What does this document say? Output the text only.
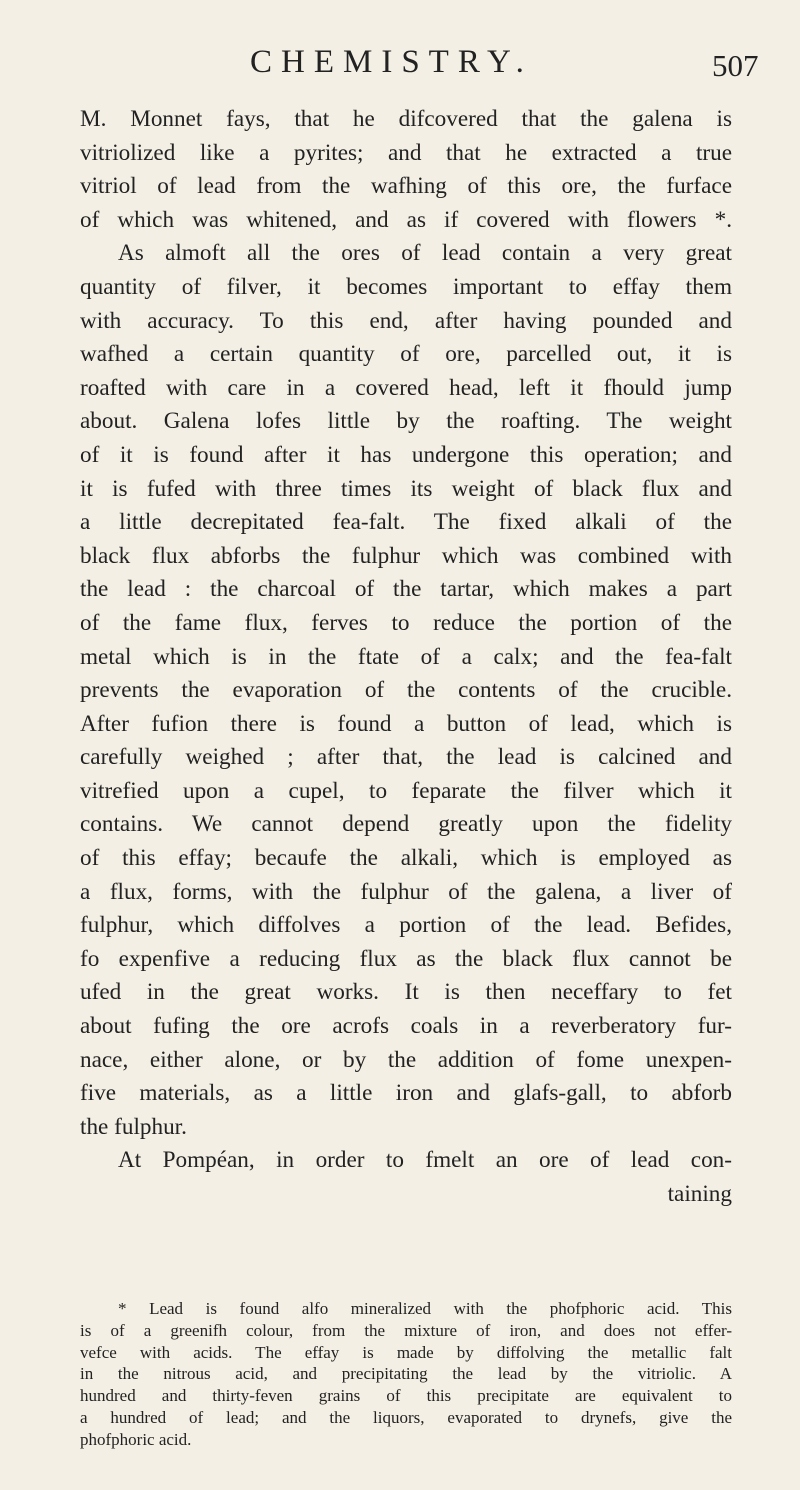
CHEMISTRY.	507
M. Monnet fays, that he difcovered that the galena is
vitriolized like a pyrites; and that he extracted a true
vitriol of lead from the wafhing of this ore, the furface
of which was whitened, and as if covered with flowers *.
As almoft all the ores of lead contain a very great
quantity of filver, it becomes important to effay them
with accuracy. To this end, after having pounded and
wafhed a certain quantity of ore, parcelled out, it is
roafted with care in a covered head, left it fhould jump
about. Galena lofes little by the roafting. The weight
of it is found after it has undergone this operation; and
it is fufed with three times its weight of black flux and
a little decrepitated fea-falt. The fixed alkali of the
black flux abforbs the fulphur which was combined with
the lead : the charcoal of the tartar, which makes a part
of the fame flux, ferves to reduce the portion of the
metal which is in the ftate of a calx; and the fea-falt
prevents the evaporation of the contents of the crucible.
After fufion there is found a button of lead, which is
carefully weighed ; after that, the lead is calcined and
vitrefied upon a cupel, to feparate the filver which it
contains. We cannot depend greatly upon the fidelity
of this effay; becaufe the alkali, which is employed as
a flux, forms, with the fulphur of the galena, a liver of
fulphur, which diffolves a portion of the lead. Befides,
fo expenfive a reducing flux as the black flux cannot be
ufed in the great works. It is then neceffary to fet
about fufing the ore acrofs coals in a reverberatory fur-
nace, either alone, or by the addition of fome unexpen-
five materials, as a little iron and glafs-gall, to abforb
the fulphur.
At Pompéan, in order to fmelt an ore of lead con-
taining
* Lead is found alfo mineralized with the phofphoric acid. This
is of a greenifh colour, from the mixture of iron, and does not effer-
vefce with acids. The effay is made by diffolving the metallic falt
in the nitrous acid, and precipitating the lead by the vitriolic. A
hundred and thirty-feven grains of this precipitate are equivalent to
a hundred of lead; and the liquors, evaporated to drynefs, give the
phofphoric acid.
